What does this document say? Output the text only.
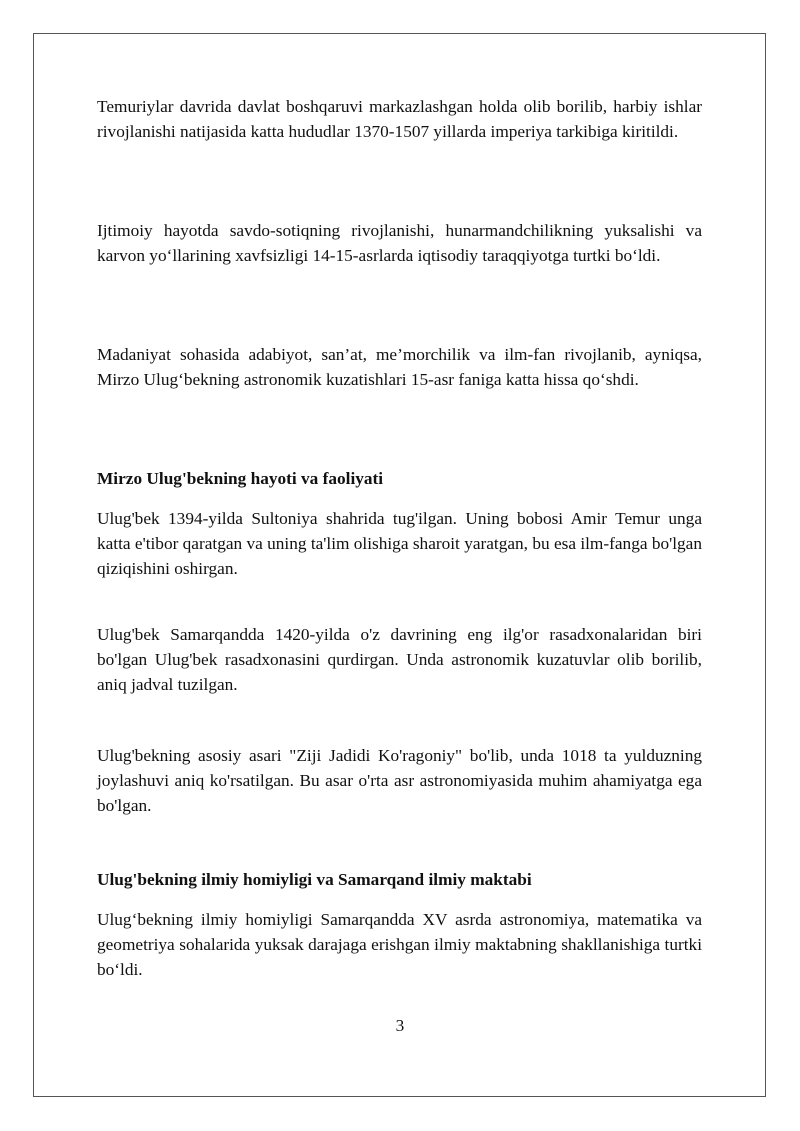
Temuriylar davrida davlat boshqaruvi markazlashgan holda olib borilib, harbiy ishlar rivojlanishi natijasida katta hududlar 1370-1507 yillarda imperiya tarkibiga kiritildi.

Ijtimoiy hayotda savdo-sotiqning rivojlanishi, hunarmandchilikning yuksalishi va karvon yo‘llarining xavfsizligi 14-15-asrlarda iqtisodiy taraqqiyotga turtki bo‘ldi.

Madaniyat sohasida adabiyot, san’at, me’morchilik va ilm-fan rivojlanib, ayniqsa, Mirzo Ulug‘bekning astronomik kuzatishlari 15-asr faniga katta hissa qo‘shdi.

Mirzo Ulug'bekning hayoti va faoliyati

Ulug'bek 1394-yilda Sultoniya shahrida tug'ilgan. Uning bobosi Amir Temur unga katta e'tibor qaratgan va uning ta'lim olishiga sharoit yaratgan, bu esa ilm-fanga bo'lgan qiziqishini oshirgan.

Ulug'bek Samarqandda 1420-yilda o'z davrining eng ilg'or rasadxonalaridan biri bo'lgan Ulug'bek rasadxonasini qurdirgan. Unda astronomik kuzatuvlar olib borilib, aniq jadval tuzilgan.

Ulug'bekning asosiy asari "Ziji Jadidi Ko'ragoniy" bo'lib, unda 1018 ta yulduzning joylashuvi aniq ko'rsatilgan. Bu asar o'rta asr astronomiyasida muhim ahamiyatga ega bo'lgan.

Ulug'bekning ilmiy homiyligi va Samarqand ilmiy maktabi

Ulug‘bekning ilmiy homiyligi Samarqandda XV asrda astronomiya, matematika va geometriya sohalarida yuksak darajaga erishgan ilmiy maktabning shakllanishiga turtki bo‘ldi.

3
